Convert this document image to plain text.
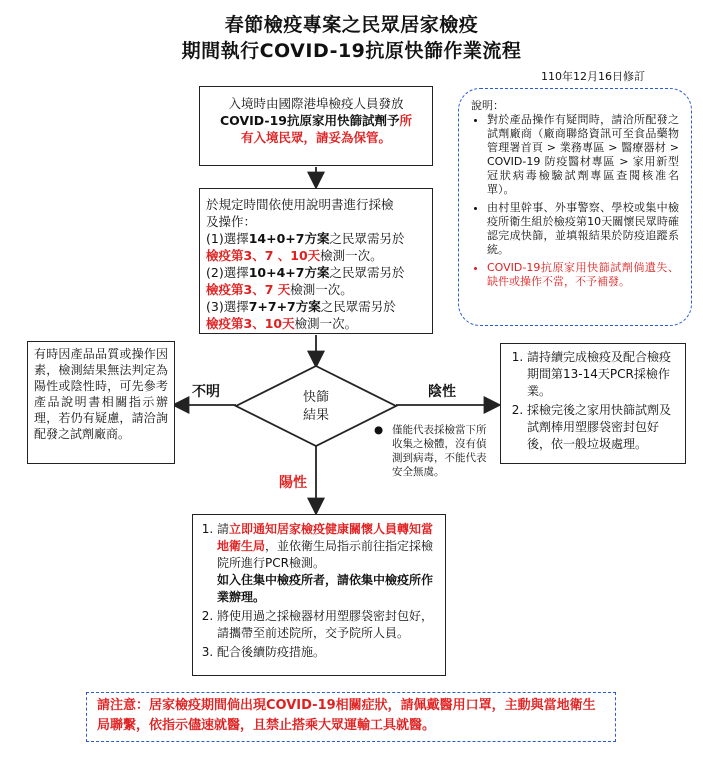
春節檢疫專案之民眾居家檢疫
期間執行COVID-19抗原快篩作業流程
110年12月16日修訂
入境時由國際港埠檢疫人員發放
COVID-19抗原家用快篩試劑予所
有入境民眾，請妥為保管。
於規定時間依使用說明書進行採檢
及操作：
(1)選擇14+0+7方案之民眾需另於
檢疫第3、7 、10天檢測一次。
(2)選擇10+4+7方案之民眾需另於
檢疫第3、7 天檢測一次。
(3)選擇7+7+7方案之民眾需另於
檢疫第3、10天檢測一次。
說明：
• 對於產品操作有疑問時，請洽所配發之試劑廠商（廠商聯絡資訊可至食品藥物管理署首頁 > 業務專區 > 醫療器材 > COVID-19 防疫醫材專區 > 家用新型冠狀病毒檢驗試劑專區查閱核准名單）。
• 由村里幹事、外事警察、學校或集中檢疫所衛生組於檢疫第10天關懷民眾時確認完成快篩，並填報結果於防疫追蹤系統。
• COVID-19抗原家用快篩試劑倘遺失、缺件或操作不當，不予補發。
快篩
結果
不明	陰性
陽性
有時因產品品質或操作因素，檢測結果無法判定為陽性或陰性時，可先參考產品說明書相關指示辦理，若仍有疑慮，請洽詢配發之試劑廠商。
1. 請持續完成檢疫及配合檢疫期間第13-14天PCR採檢作業。
2. 採檢完後之家用快篩試劑及試劑棒用塑膠袋密封包好後，依一般垃圾處理。
● 僅能代表採檢當下所收集之檢體，沒有偵測到病毒，不能代表安全無虞。
1. 請立即通知居家檢疫健康關懷人員轉知當地衛生局，並依衛生局指示前往指定採檢院所進行PCR檢測。
如入住集中檢疫所者，請依集中檢疫所作業辦理。
2. 將使用過之採檢器材用塑膠袋密封包好，請攜帶至前述院所，交予院所人員。
3. 配合後續防疫措施。
請注意：居家檢疫期間倘出現COVID-19相關症狀，請佩戴醫用口罩，主動與當地衛生局聯繫，依指示儘速就醫，且禁止搭乘大眾運輸工具就醫。
